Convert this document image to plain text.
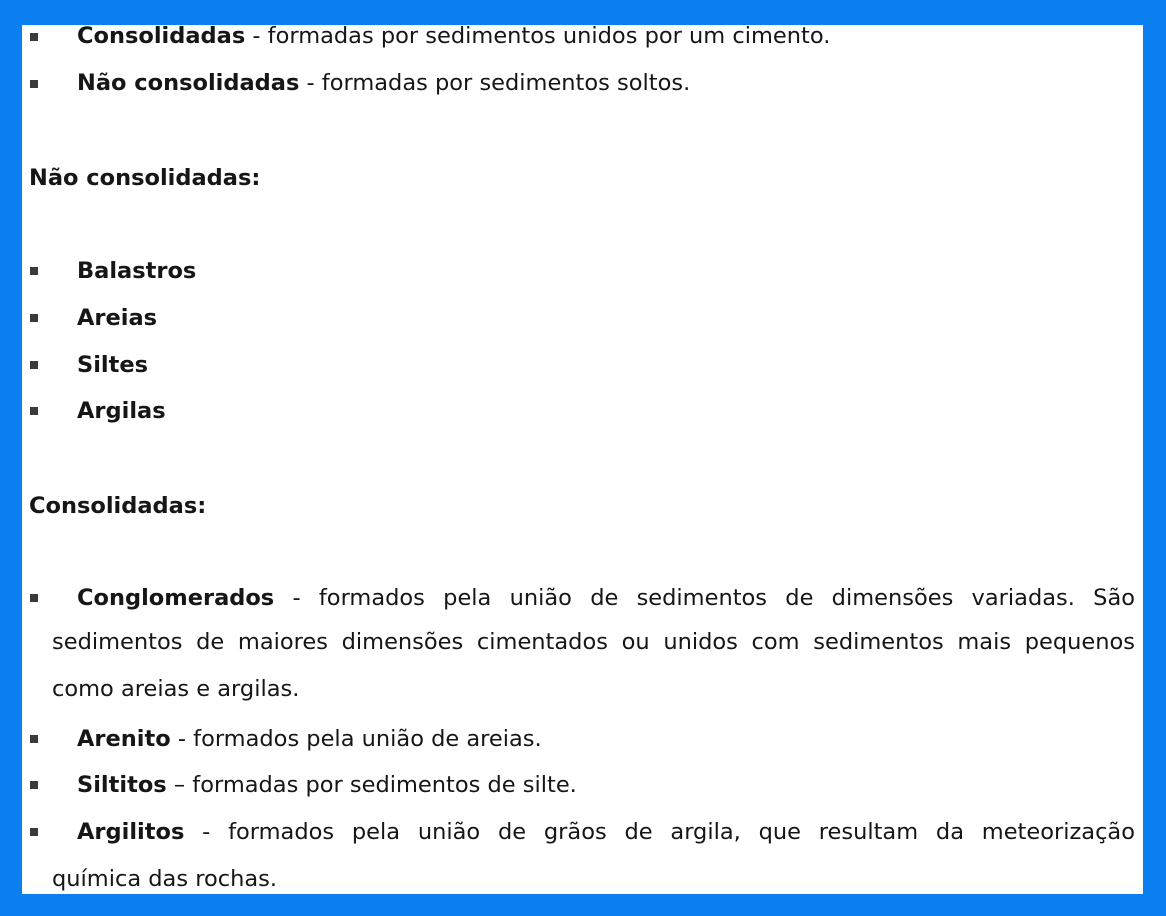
Consolidadas - formadas por sedimentos unidos por um cimento.
Não consolidadas - formadas por sedimentos soltos.
Não consolidadas:
Balastros
Areias
Siltes
Argilas
Consolidadas:
Conglomerados - formados pela união de sedimentos de dimensões variadas. São
sedimentos de maiores dimensões cimentados ou unidos com sedimentos mais pequenos
como areias e argilas.
Arenito - formados pela união de areias.
Siltitos – formadas por sedimentos de silte.
Argilitos - formados pela união de grãos de argila, que resultam da meteorização
química das rochas.
